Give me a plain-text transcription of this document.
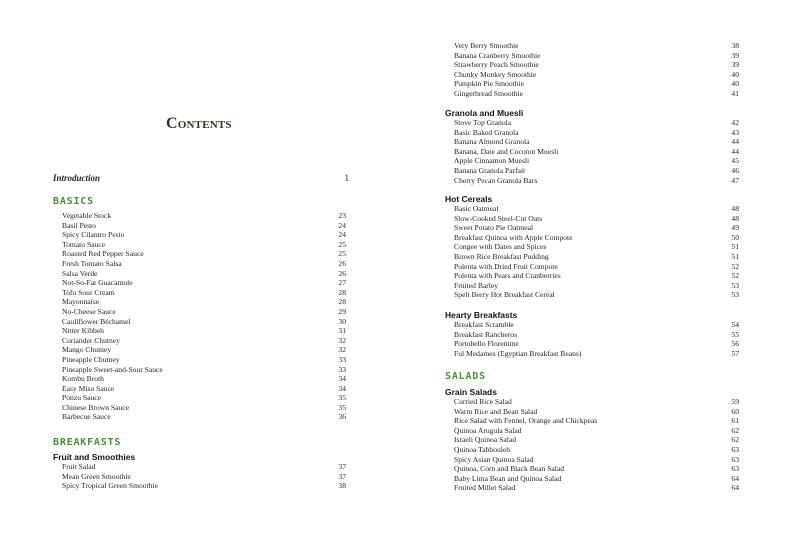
Contents
Introduction	1
BASICS
Vegetable Stock	23
Basil Pesto	24
Spicy Cilantro Pesto	24
Tomato Sauce	25
Roasted Red Pepper Sauce	25
Fresh Tomato Salsa	26
Salsa Verde	26
Not-So-Fat Guacamole	27
Tofu Sour Cream	28
Mayonnaise	28
No-Cheese Sauce	29
Cauliflower Béchamel	30
Nitter Kibbeh	31
Coriander Chutney	32
Mango Chutney	32
Pineapple Chutney	33
Pineapple Sweet-and-Sour Sauce	33
Kombu Broth	34
Easy Miso Sauce	34
Ponzu Sauce	35
Chinese Brown Sauce	35
Barbecue Sauce	36
BREAKFASTS
Fruit and Smoothies
Fruit Salad	37
Mean Green Smoothie	37
Spicy Tropical Green Smoothie	38
Very Berry Smoothie	38
Banana Cranberry Smoothie	39
Strawberry Peach Smoothie	39
Chunky Monkey Smoothie	40
Pumpkin Pie Smoothie	40
Gingerbread Smoothie	41
Granola and Muesli
Stove Top Granola	42
Basic Baked Granola	43
Banana Almond Granola	44
Banana, Date and Coconut Muesli	44
Apple Cinnamon Muesli	45
Banana Granola Parfait	46
Cherry Pecan Granola Bars	47
Hot Cereals
Basic Oatmeal	48
Slow-Cooked Steel-Cut Oats	48
Sweet Potato Pie Oatmeal	49
Breakfast Quinoa with Apple Compote	50
Congee with Dates and Spices	51
Brown Rice Breakfast Pudding	51
Polenta with Dried Fruit Compote	52
Polenta with Pears and Cranberries	52
Fruited Barley	53
Spelt Berry Hot Breakfast Cereal	53
Hearty Breakfasts
Breakfast Scramble	54
Breakfast Rancheros	55
Portobello Florentine	56
Ful Medames (Egyptian Breakfast Beans)	57
SALADS
Grain Salads
Curried Rice Salad	59
Warm Rice and Bean Salad	60
Rice Salad with Fennel, Orange and Chickpeas	61
Quinoa Arugula Salad	62
Israeli Quinoa Salad	62
Quinoa Tabbouleh	63
Spicy Asian Quinoa Salad	63
Quinoa, Corn and Black Bean Salad	63
Baby Lima Bean and Quinoa Salad	64
Fruited Millet Salad	64
